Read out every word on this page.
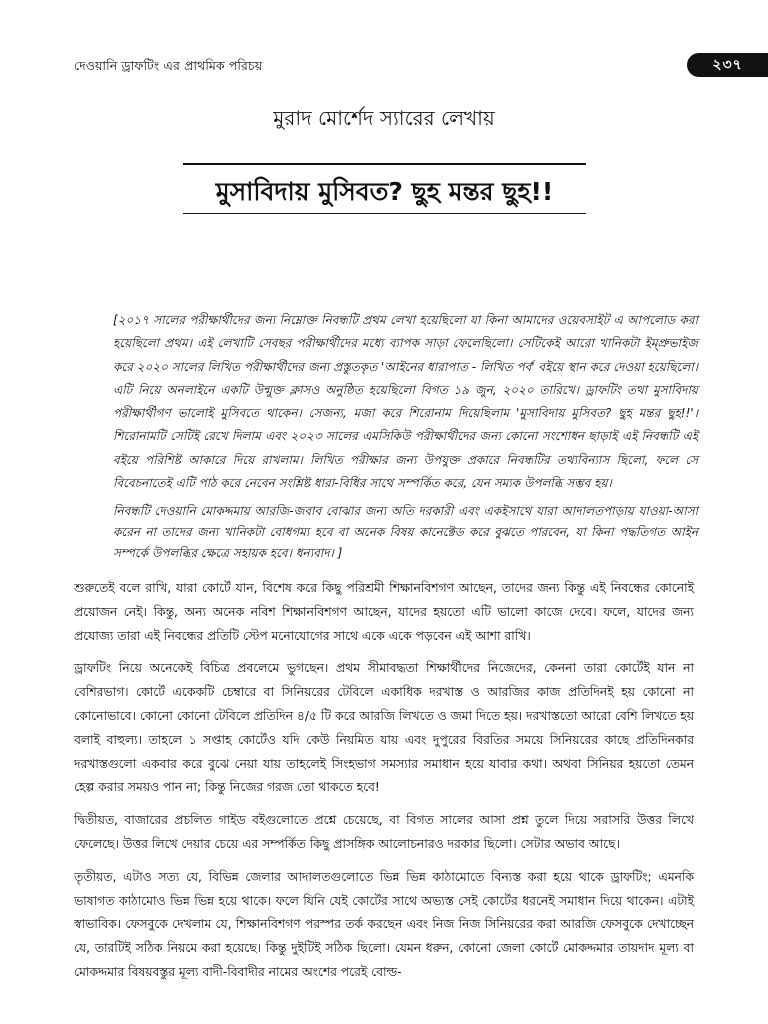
দেওয়ানি ড্রাফটিং এর প্রাথমিক পরিচয়	২৩৭
মুরাদ মোর্শেদ স্যারের লেখায়
মুসাবিদায় মুসিবত? ছুহ মন্তর ছুহ!!

[২০১৭ সালের পরীক্ষার্থীদের জন্য নিম্নোক্ত নিবন্ধটি প্রথম লেখা হয়েছিলো যা কিনা আমাদের ওয়েবসাইট এ আপলোড করা হয়েছিলো প্রথম। এই লেখাটি সেবছর পরীক্ষার্থীদের মধ্যে ব্যাপক সাড়া ফেলেছিলো। সেটিকেই আরো খানিকটা ইম্প্রুভাইজ করে ২০২০ সালের লিখিত পরীক্ষার্থীদের জন্য প্রস্তুতকৃত 'আইনের ধারাপাত - লিখিত পর্ব' বইয়ে স্থান করে দেওয়া হয়েছিলো। এটি নিয়ে অনলাইনে একটি উন্মুক্ত ক্লাসও অনুষ্ঠিত হয়েছিলো বিগত ১৯ জুন, ২০২০ তারিখে। ড্রাফটিং তথা মুসাবিদায় পরীক্ষার্থীগণ ভালোই মুসিবতে থাকেন। সেজন্য, মজা করে শিরোনাম দিয়েছিলাম 'মুসাবিদায় মুসিবত? ছুহ মন্তর ছুহ!!'। শিরোনামটি সেটিই রেখে দিলাম এবং ২০২৩ সালের এমসিকিউ পরীক্ষার্থীদের জন্য কোনো সংশোধন ছাড়াই এই নিবন্ধটি এই বইয়ে পরিশিষ্ট আকারে দিয়ে রাখলাম। লিখিত পরীক্ষার জন্য উপযুক্ত প্রকারে নিবন্ধটির তথ্যবিন্যাস ছিলো, ফলে সে বিবেচনাতেই এটি পাঠ করে নেবেন সংশ্লিষ্ট ধারা-বিধির সাথে সম্পর্কিত করে, যেন সম্যক উপলব্ধি সম্ভব হয়।

নিবন্ধটি দেওয়ানি মোকদ্দমায় আরজি-জবাব বোঝার জন্য অতি দরকারী এবং একইসাথে যারা আদালতপাড়ায় যাওয়া-আসা করেন না তাদের জন্য খানিকটা বোধগম্য হবে বা অনেক বিষয় কানেক্টেড করে বুঝতে পারবেন, যা কিনা পদ্ধতিগত আইন সম্পর্কে উপলব্ধির ক্ষেত্রে সহায়ক হবে। ধন্যবাদ। ]

শুরুতেই বলে রাখি, যারা কোর্টে যান, বিশেষ করে কিছু পরিশ্রমী শিক্ষানবিশগণ আছেন, তাদের জন্য কিন্তু এই নিবন্ধের কোনোই প্রয়োজন নেই। কিন্তু, অন্য অনেক নবিশ শিক্ষানবিশগণ আছেন, যাদের হয়তো এটি ভালো কাজে দেবে। ফলে, যাদের জন্য প্রযোজ্য তারা এই নিবন্ধের প্রতিটি স্টেপ মনোযোগের সাথে একে একে পড়বেন এই আশা রাখি।

ড্রাফটিং নিয়ে অনেকেই বিচিত্র প্রবলেমে ভুগছেন। প্রথম সীমাবদ্ধতা শিক্ষার্থীদের নিজেদের, কেননা তারা কোর্টেই যান না বেশিরভাগ। কোর্টে একেকটি চেম্বারে বা সিনিয়রের টেবিলে একাধিক দরখাস্ত ও আরজির কাজ প্রতিদিনই হয় কোনো না কোনোভাবে। কোনো কোনো টেবিলে প্রতিদিন ৪/৫ টি করে আরজি লিখতে ও জমা দিতে হয়। দরখাস্ততো আরো বেশি লিখতে হয় বলাই বাহুল্য। তাহলে ১ সপ্তাহ কোর্টেও যদি কেউ নিয়মিত যায় এবং দুপুরের বিরতির সময়ে সিনিয়রের কাছে প্রতিদিনকার দরখাস্তগুলো একবার করে বুঝে নেয়া যায় তাহলেই সিংহভাগ সমস্যার সমাধান হয়ে যাবার কথা। অথবা সিনিয়র হয়তো তেমন হেল্প করার সময়ও পান না; কিন্তু নিজের গরজ তো থাকতে হবে!

দ্বিতীয়ত, বাজারের প্রচলিত গাইড বইগুলোতে প্রশ্নে চেয়েছে, বা বিগত সালের আসা প্রশ্ন তুলে দিয়ে সরাসরি উত্তর লিখে ফেলেছে। উত্তর লিখে দেয়ার চেয়ে এর সম্পর্কিত কিছু প্রাসঙ্গিক আলোচনারও দরকার ছিলো। সেটার অভাব আছে।

তৃতীয়ত, এটাও সত্য যে, বিভিন্ন জেলার আদালতগুলোতে ভিন্ন ভিন্ন কাঠামোতে বিন্যস্ত করা হয়ে থাকে ড্রাফটিং; এমনকি ভাষাগত কাঠামোও ভিন্ন ভিন্ন হয়ে থাকে। ফলে যিনি যেই কোর্টের সাথে অভ্যস্ত সেই কোর্টের ধরনেই সমাধান দিয়ে থাকেন। এটাই স্বাভাবিক। ফেসবুকে দেখলাম যে, শিক্ষানবিশগণ পরস্পর তর্ক করছেন এবং নিজ নিজ সিনিয়রের করা আরজি ফেসবুকে দেখাচ্ছেন যে, তারটিই সঠিক নিয়মে করা হয়েছে। কিন্তু দুইটিই সঠিক ছিলো। যেমন ধরুন, কোনো জেলা কোর্টে মোকদ্দমার তায়দাদ মূল্য বা মোকদ্দমার বিষয়বস্তুর মূল্য বাদী-বিবাদীর নামের অংশের পরেই বোল্ড-
